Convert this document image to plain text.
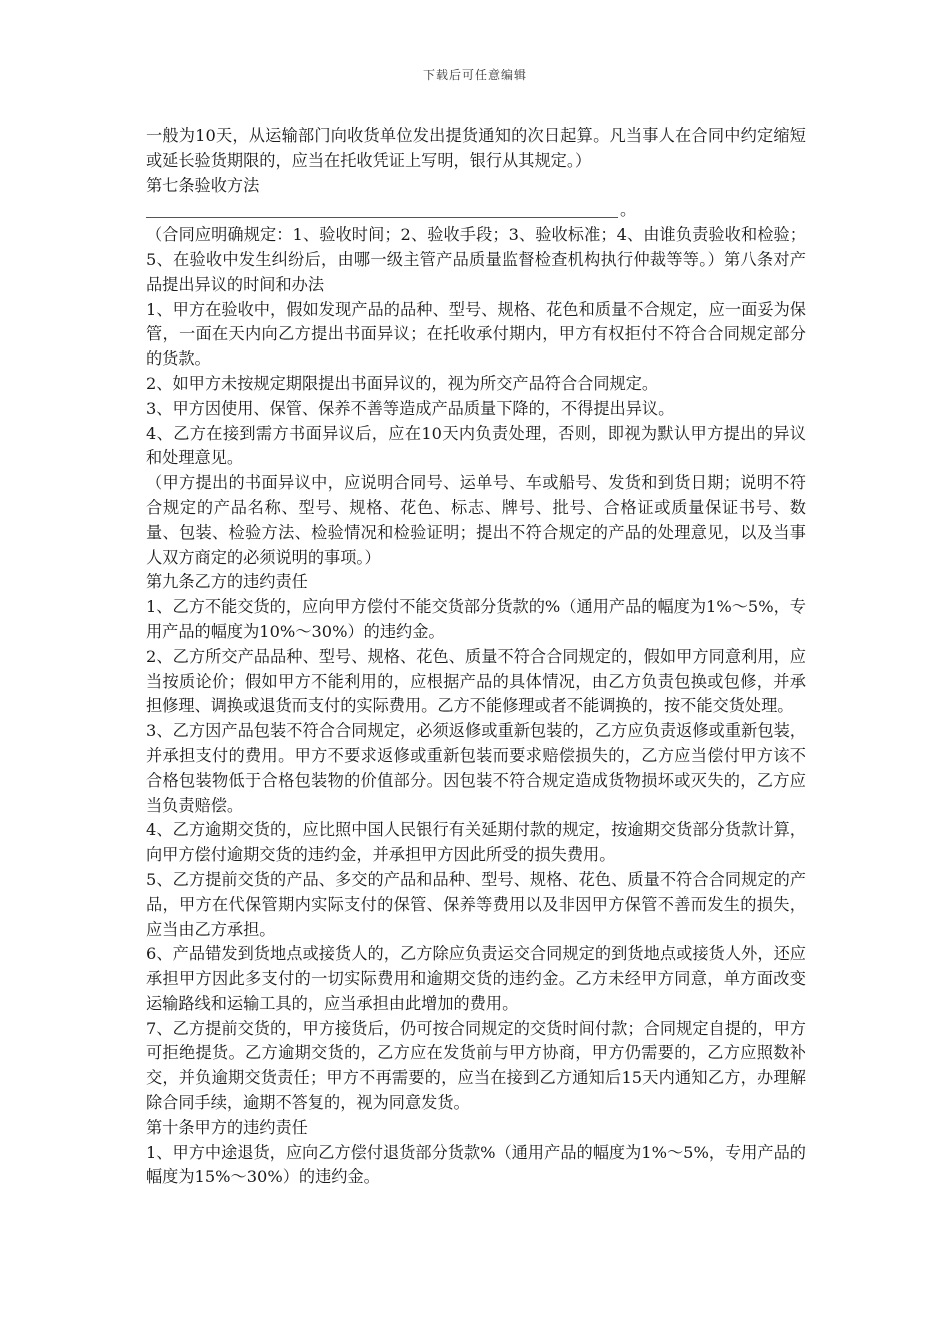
下载后可任意编辑

一般为10天，从运输部门向收货单位发出提货通知的次日起算。凡当事人在合同中约定缩短或延长验货期限的，应当在托收凭证上写明，银行从其规定。）

第七条验收方法

。

（合同应明确规定：1、验收时间；2、验收手段；3、验收标准；4、由谁负责验收和检验；5、在验收中发生纠纷后，由哪一级主管产品质量监督检查机构执行仲裁等等。）第八条对产品提出异议的时间和办法

1、甲方在验收中，假如发现产品的品种、型号、规格、花色和质量不合规定，应一面妥为保管，一面在天内向乙方提出书面异议；在托收承付期内，甲方有权拒付不符合合同规定部分的货款。

2、如甲方未按规定期限提出书面异议的，视为所交产品符合合同规定。

3、甲方因使用、保管、保养不善等造成产品质量下降的，不得提出异议。

4、乙方在接到需方书面异议后，应在10天内负责处理，否则，即视为默认甲方提出的异议和处理意见。

（甲方提出的书面异议中，应说明合同号、运单号、车或船号、发货和到货日期；说明不符合规定的产品名称、型号、规格、花色、标志、牌号、批号、合格证或质量保证书号、数量、包装、检验方法、检验情况和检验证明；提出不符合规定的产品的处理意见，以及当事人双方商定的必须说明的事项。）

第九条乙方的违约责任

1、乙方不能交货的，应向甲方偿付不能交货部分货款的%（通用产品的幅度为1%～5%，专用产品的幅度为10%～30%）的违约金。

2、乙方所交产品品种、型号、规格、花色、质量不符合合同规定的，假如甲方同意利用，应当按质论价；假如甲方不能利用的，应根据产品的具体情况，由乙方负责包换或包修，并承担修理、调换或退货而支付的实际费用。乙方不能修理或者不能调换的，按不能交货处理。

3、乙方因产品包装不符合合同规定，必须返修或重新包装的，乙方应负责返修或重新包装，并承担支付的费用。甲方不要求返修或重新包装而要求赔偿损失的，乙方应当偿付甲方该不合格包装物低于合格包装物的价值部分。因包装不符合规定造成货物损坏或灭失的，乙方应当负责赔偿。

4、乙方逾期交货的，应比照中国人民银行有关延期付款的规定，按逾期交货部分货款计算，向甲方偿付逾期交货的违约金，并承担甲方因此所受的损失费用。

5、乙方提前交货的产品、多交的产品和品种、型号、规格、花色、质量不符合合同规定的产品，甲方在代保管期内实际支付的保管、保养等费用以及非因甲方保管不善而发生的损失，应当由乙方承担。

6、产品错发到货地点或接货人的，乙方除应负责运交合同规定的到货地点或接货人外，还应承担甲方因此多支付的一切实际费用和逾期交货的违约金。乙方未经甲方同意，单方面改变运输路线和运输工具的，应当承担由此增加的费用。

7、乙方提前交货的，甲方接货后，仍可按合同规定的交货时间付款；合同规定自提的，甲方可拒绝提货。乙方逾期交货的，乙方应在发货前与甲方协商，甲方仍需要的，乙方应照数补交，并负逾期交货责任；甲方不再需要的，应当在接到乙方通知后15天内通知乙方，办理解除合同手续，逾期不答复的，视为同意发货。

第十条甲方的违约责任

1、甲方中途退货，应向乙方偿付退货部分货款%（通用产品的幅度为1%～5%，专用产品的幅度为15%～30%）的违约金。
